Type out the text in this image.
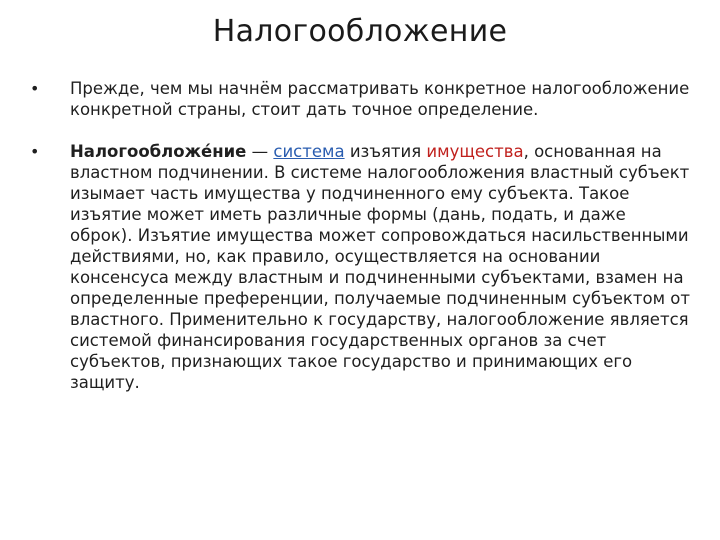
Налогообложение
• Прежде, чем мы начнём рассматривать конкретное налогообложение конкретной страны, стоит дать точное определение.
• Налогообложе́ние — система изъятия имущества, основанная на властном подчинении. В системе налогообложения властный субъект изымает часть имущества у подчиненного ему субъекта. Такое изъятие может иметь различные формы (дань, подать, и даже оброк). Изъятие имущества может сопровождаться насильственными действиями, но, как правило, осуществляется на основании консенсуса между властным и подчиненными субъектами, взамен на определенные преференции, получаемые подчиненным субъектом от властного. Применительно к государству, налогообложение является системой финансирования государственных органов за счет субъектов, признающих такое государство и принимающих его защиту.
